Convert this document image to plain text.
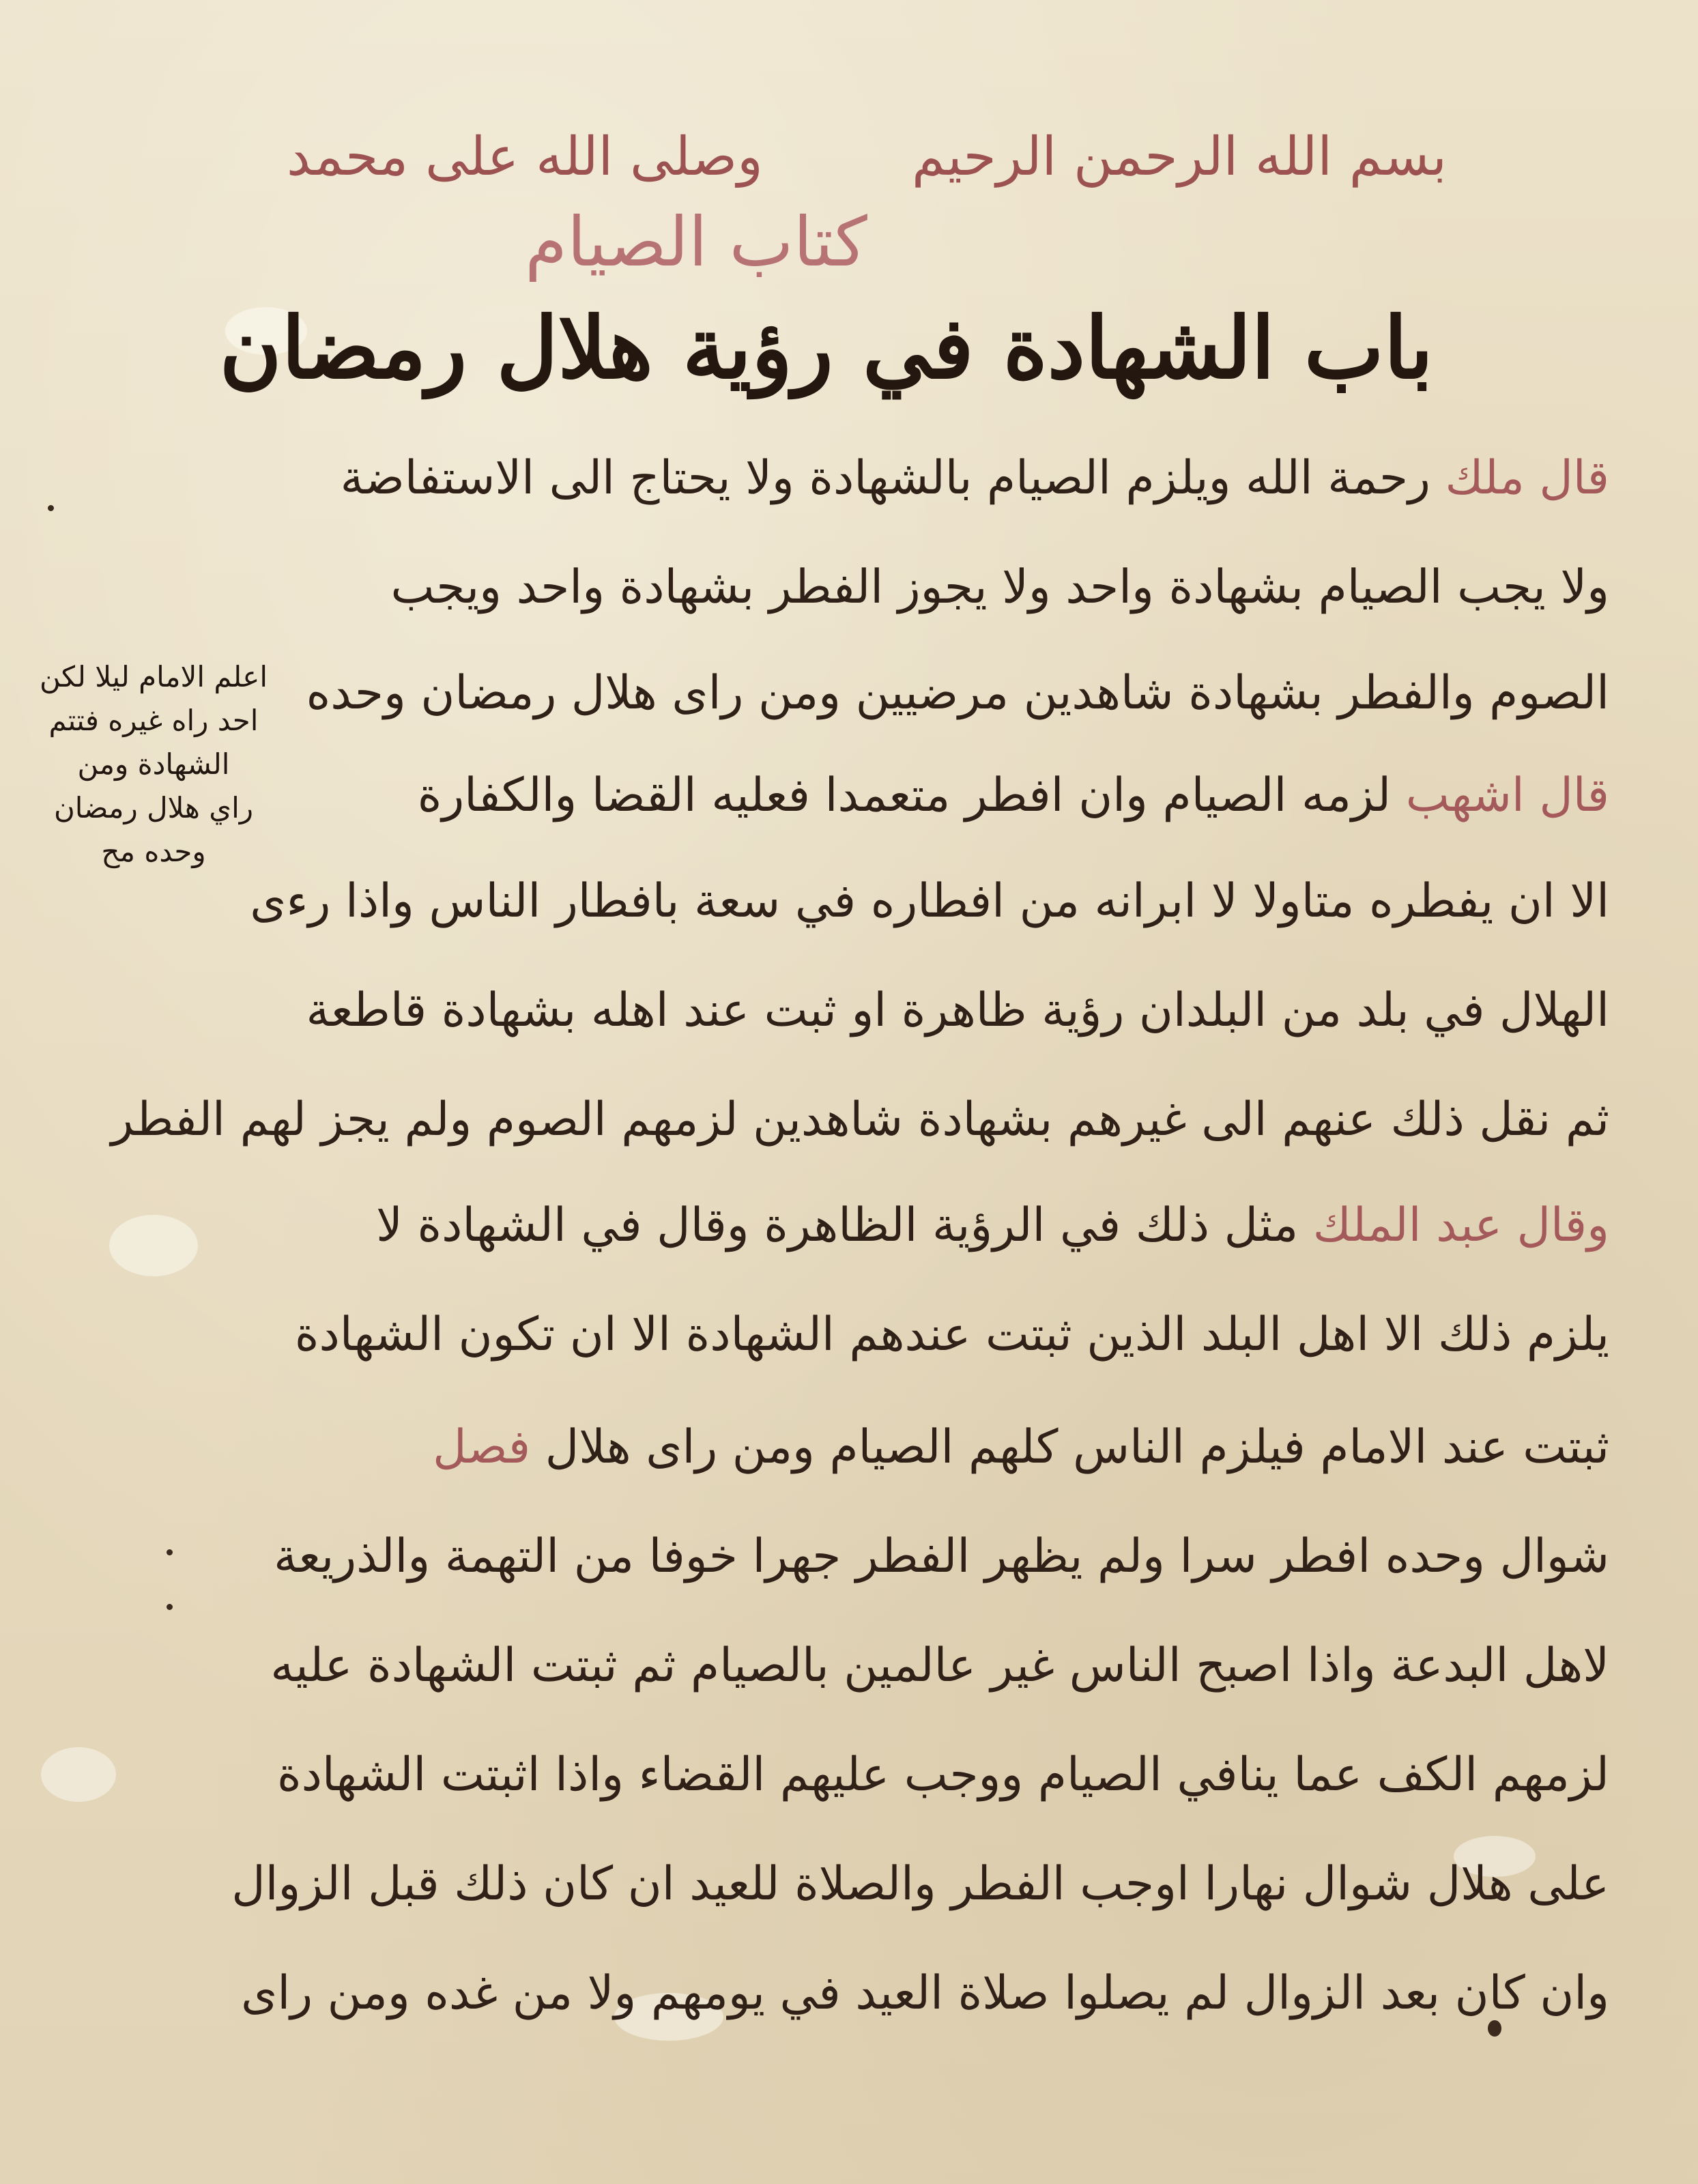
بسم الله الرحمن الرحيم
وصلى الله على محمد
كتاب الصيام
باب الشهادة في رؤية هلال رمضان
قال ملك رحمة الله ويلزم الصيام بالشهادة ولا يحتاج الى الاستفاضة
ولا يجب الصيام بشهادة واحد ولا يجوز الفطر بشهادة واحد ويجب
الصوم والفطر بشهادة شاهدين مرضيين ومن راى هلال رمضان وحده
قال اشهب لزمه الصيام وان افطر متعمدا فعليه القضا والكفارة
الا ان يفطره متاولا لا ابرانه من افطاره في سعة بافطار الناس واذا رءى
الهلال في بلد من البلدان رؤية ظاهرة او ثبت عند اهله بشهادة قاطعة
ثم نقل ذلك عنهم الى غيرهم بشهادة شاهدين لزمهم الصوم ولم يجز لهم الفطر
وقال عبد الملك مثل ذلك في الرؤية الظاهرة وقال في الشهادة لا
يلزم ذلك الا اهل البلد الذين ثبتت عندهم الشهادة الا ان تكون الشهادة
ثبتت عند الامام فيلزم الناس كلهم الصيام ومن راى هلال فصل
شوال وحده افطر سرا ولم يظهر الفطر جهرا خوفا من التهمة والذريعة
لاهل البدعة واذا اصبح الناس غير عالمين بالصيام ثم ثبتت الشهادة عليه
لزمهم الكف عما ينافي الصيام ووجب عليهم القضاء واذا اثبتت الشهادة
على هلال شوال نهارا اوجب الفطر والصلاة للعيد ان كان ذلك قبل الزوال
وان كان بعد الزوال لم يصلوا صلاة العيد في يومهم ولا من غده ومن راى
اعلم الامام ليلا لكن
احد راه غيره فتتم
الشهادة ومن
راي هلال رمضان
وحده مح
